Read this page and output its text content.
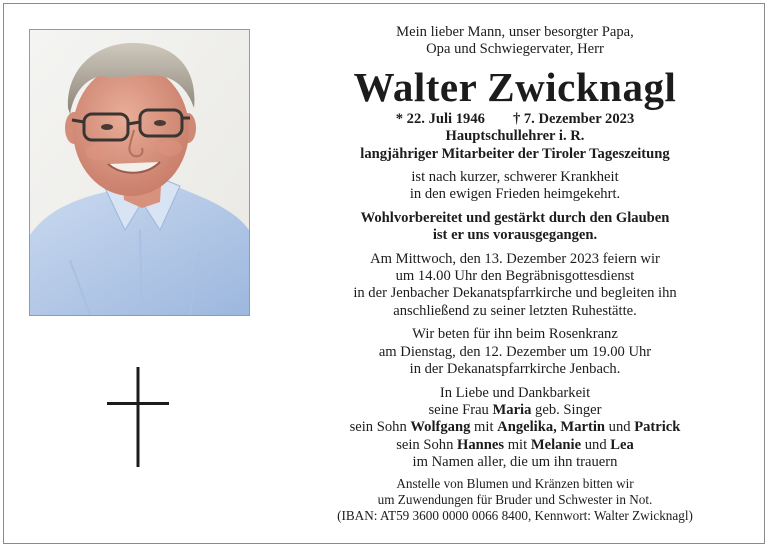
Mein lieber Mann, unser besorgter Papa,
Opa und Schwiegervater, Herr
Walter Zwicknagl
* 22. Juli 1946 † 7. Dezember 2023
Hauptschullehrer i. R.
langjähriger Mitarbeiter der Tiroler Tageszeitung
ist nach kurzer, schwerer Krankheit
in den ewigen Frieden heimgekehrt.
Wohlvorbereitet und gestärkt durch den Glauben
ist er uns vorausgegangen.
Am Mittwoch, den 13. Dezember 2023 feiern wir
um 14.00 Uhr den Begräbnisgottesdienst
in der Jenbacher Dekanatspfarrkirche und begleiten ihn
anschließend zu seiner letzten Ruhestätte.
Wir beten für ihn beim Rosenkranz
am Dienstag, den 12. Dezember um 19.00 Uhr
in der Dekanatspfarrkirche Jenbach.
In Liebe und Dankbarkeit
seine Frau Maria geb. Singer
sein Sohn Wolfgang mit Angelika, Martin und Patrick
sein Sohn Hannes mit Melanie und Lea
im Namen aller, die um ihn trauern
Anstelle von Blumen und Kränzen bitten wir
um Zuwendungen für Bruder und Schwester in Not.
(IBAN: AT59 3600 0000 0066 8400, Kennwort: Walter Zwicknagl)
